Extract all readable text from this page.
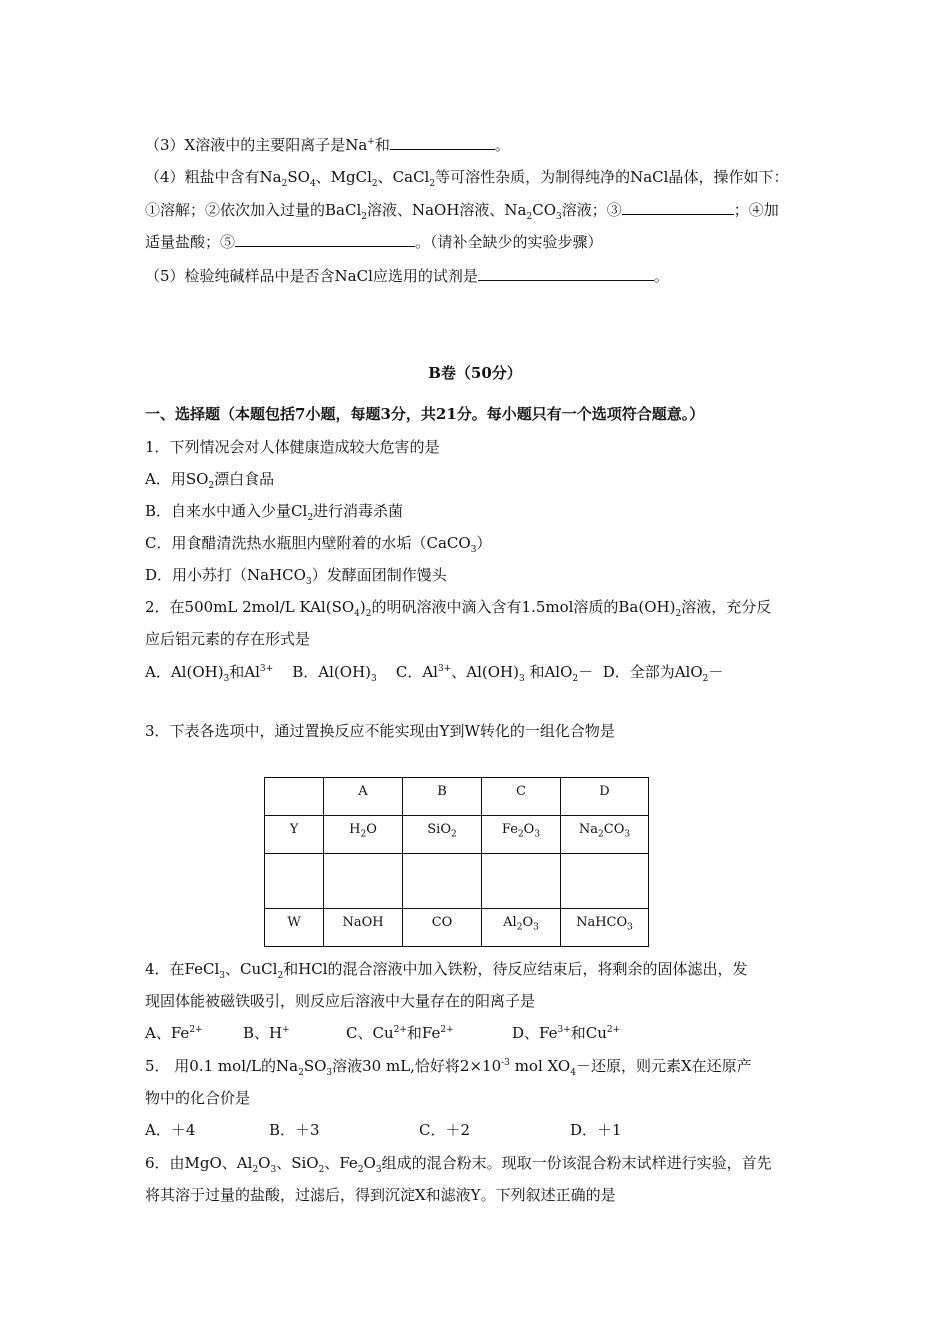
（3）X溶液中的主要阳离子是Na+和	。
（4）粗盐中含有$Na_2SO_4$、MgCl$_2$、CaCl$_2$等可溶性杂质，为制得纯净的NaCl晶体，操作如下：
①溶解；②依次加入过量的BaCl$_2$溶液、NaOH溶液、$Na_2CO_3$溶液；③	；④加
适量盐酸；⑤	。（请补全缺少的实验步骤）
（5）检验纯碱样品中是否含NaCl应选用的试剂是	。
B卷（50分）
一、选择题（本题包括7小题，每题3分，共21分。每小题只有一个选项符合题意。）
1．下列情况会对人体健康造成较大危害的是
A．用$SO_2$漂白食品
B．自来水中通入少量$Cl_2$进行消毒杀菌
C．用食醋清洗热水瓶胆内壁附着的水垢（CaCO$_3$）
D．用小苏打（NaHCO$_3$）发酵面团制作馒头
2．在500mL 2mol/L $KAl(SO_4)_2$的明矾溶液中滴入含有1.5mol溶质的$Ba(OH)_2$溶液，充分反
应后铝元素的存在形式是
A．$Al(OH)_3$和$Al^{3+}$ B．$Al(OH)_3$ C．$Al^{3+}$、$Al(OH)_3$ 和AlO$_2$－ D．全部为AlO$_2$－
3．下表各选项中，通过置换反应不能实现由Y到W转化的一组化合物是
	A	B	C	D
Y	$H_2O$	SiO$_2$	$Fe_2O_3$	$Na_2CO_3$

W	NaOH	CO	$Al_2O_3$	NaHCO$_3$
4．在FeCl$_3$、CuCl$_2$和HCl的混合溶液中加入铁粉，待反应结束后，将剩余的固体滤出，发
现固体能被磁铁吸引，则反应后溶液中大量存在的阳离子是
A、$Fe^{2+}$	B、H+	C、$Cu^{2+}$和$Fe^{2+}$	D、$Fe^{3+}$和$Cu^{2+}$
5． 用0.1 mol/L的$Na_2SO_3$溶液30 mL,恰好将$2\times 10^{-3}$ mol $XO_4-$还原，则元素X在还原产
物中的化合价是
A．＋4	B．＋3	C．＋2	D．＋1
6．由MgO、$Al_2O_3$、SiO$_2$、$Fe_2O_3$组成的混合粉末。现取一份该混合粉末试样进行实验，首先
将其溶于过量的盐酸，过滤后，得到沉淀X和滤液Y。下列叙述正确的是
